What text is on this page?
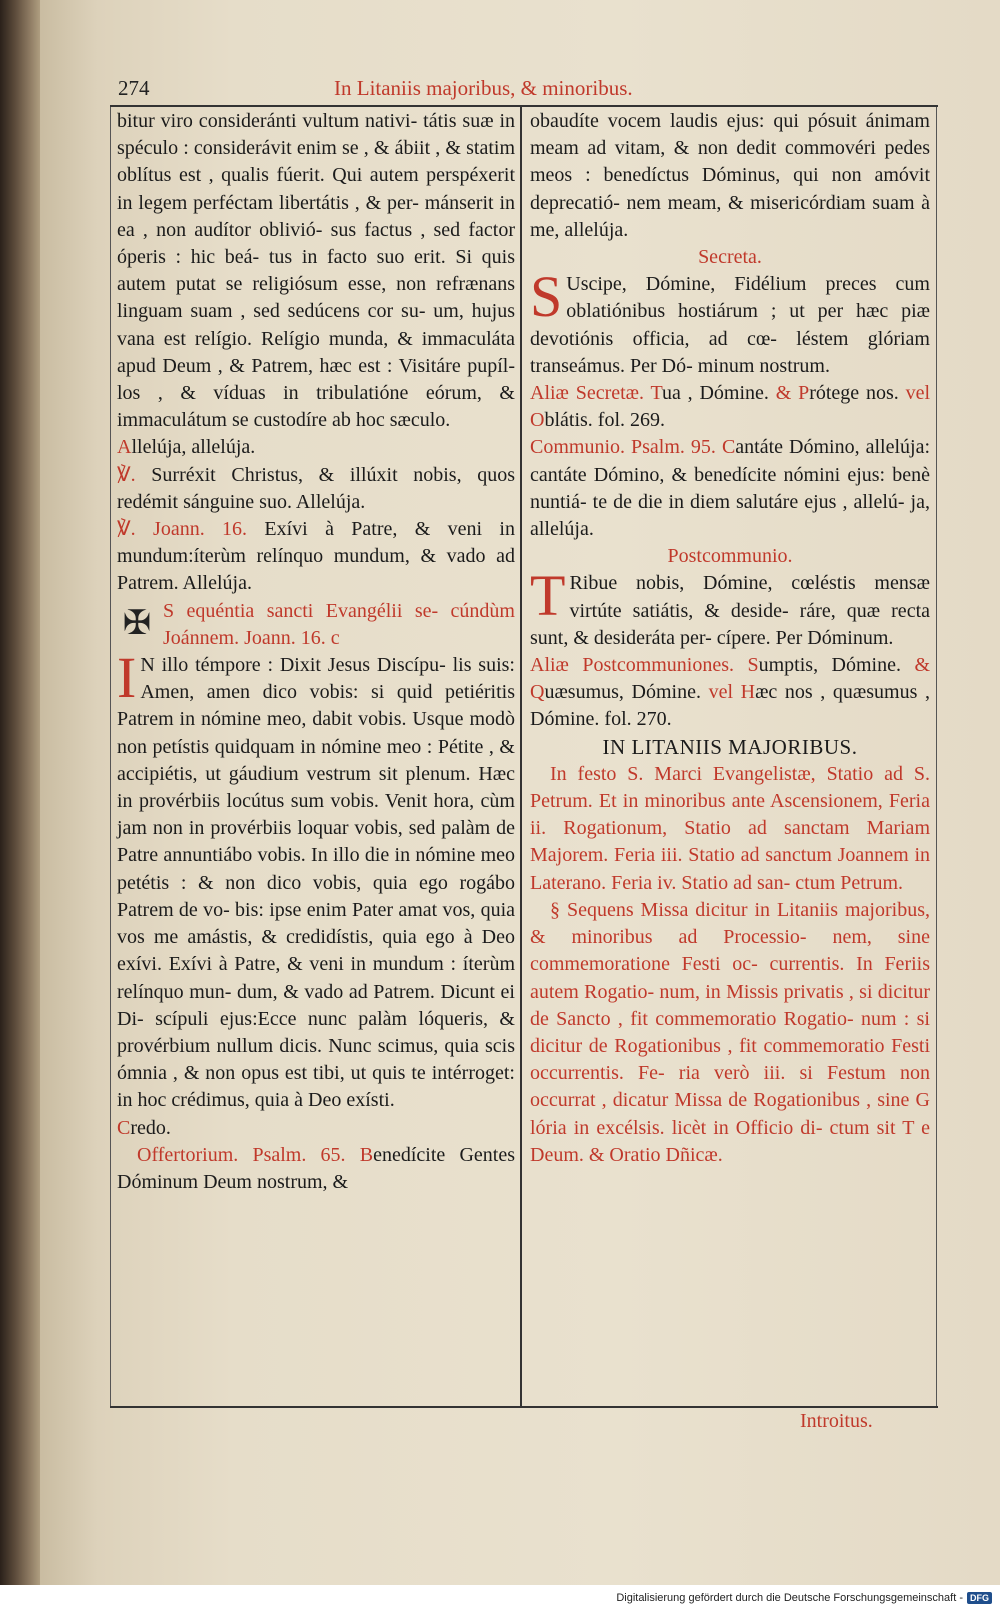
274	In Litaniis majoribus, & minoribus.

bitur viro consideránti vultum nativi- tátis suæ in spéculo : considerávit enim se , & ábiit , & statim oblítus est , qualis fúerit. Qui autem perspéxerit in legem perféctam libertátis , & per- mánserit in ea , non audítor oblivió- sus factus , sed factor óperis : hic beá- tus in facto suo erit. Si quis autem putat se religiósum esse, non refrænans linguam suam , sed sedúcens cor su- um, hujus vana est relígio. Relígio munda, & immaculáta apud Deum , & Patrem, hæc est : Visitáre pupíl- los , & víduas in tribulatióne eórum, & immaculátum se custodíre ab hoc sæculo.

Allelúja, allelúja.

℣. Surréxit Christus, & illúxit nobis, quos redémit sánguine suo. Allelúja.

℣. Joann. 16. Exívi à Patre, & veni in mundum:íterùm relínquo mundum, & vado ad Patrem. Allelúja.

✠ S equéntia sancti Evangélii se- cúndùm Joánnem. Joann. 16. c

I N illo témpore : Dixit Jesus Discípu- lis suis: Amen, amen dico vobis: si quid petiéritis Patrem in nómine meo, dabit vobis. Usque modò non petístis quidquam in nómine meo : Pétite , & accipiétis, ut gáudium vestrum sit plenum. Hæc in provérbiis locútus sum vobis. Venit hora, cùm jam non in provérbiis loquar vobis, sed palàm de Patre annuntiábo vobis. In illo die in nómine meo petétis : & non dico vobis, quia ego rogábo Patrem de vo- bis: ipse enim Pater amat vos, quia vos me amástis, & credidístis, quia ego à Deo exívi. Exívi à Patre, & veni in mundum : íterùm relínquo mun- dum, & vado ad Patrem. Dicunt ei Di- scípuli ejus:Ecce nunc palàm lóqueris, & provérbium nullum dicis. Nunc scimus, quia scis ómnia , & non opus est tibi, ut quis te intérroget: in hoc crédimus, quia à Deo exísti.

Credo.

Offertorium. Psalm. 65. Benedícite Gentes Dóminum Deum nostrum, &

obaudíte vocem laudis ejus: qui pósuit ánimam meam ad vitam, & non dedit commovéri pedes meos : benedíctus Dóminus, qui non amóvit deprecatió- nem meam, & misericórdiam suam à me, allelúja.

Secreta.

S Uscipe, Dómine, Fidélium preces cum oblatiónibus hostiárum ; ut per hæc piæ devotiónis officia, ad cœ- léstem glóriam transeámus. Per Dó- minum nostrum.

Aliæ Secretæ. Tua , Dómine. & Prótege nos. vel Oblátis. fol. 269.

Communio. Psalm. 95. Cantáte Dómino, allelúja: cantáte Dómino, & benedícite nómini ejus: benè nuntiá- te de die in diem salutáre ejus , allelú- ja, allelúja.

Postcommunio.

T Ribue nobis, Dómine, cœléstis mensæ virtúte satiátis, & deside- ráre, quæ recta sunt, & desideráta per- cípere. Per Dóminum.

Aliæ Postcommuniones. Sumptis, Dómine. & Quæsumus, Dómine. vel Hæc nos , quæsumus , Dómine. fol. 270.

IN LITANIIS MAJORIBUS.

In festo S. Marci Evangelistæ, Statio ad S. Petrum. Et in minoribus ante Ascensionem, Feria ii. Rogationum, Statio ad sanctam Mariam Majorem. Feria iii. Statio ad sanctum Joannem in Laterano. Feria iv. Statio ad san- ctum Petrum.

§ Sequens Missa dicitur in Litaniis majoribus, & minoribus ad Processio- nem, sine commemoratione Festi oc- currentis. In Feriis autem Rogatio- num, in Missis privatis , si dicitur de Sancto , fit commemoratio Rogatio- num : si dicitur de Rogationibus , fit commemoratio Festi occurrentis. Fe- ria verò iii. si Festum non occurrat , dicatur Missa de Rogationibus , sine G lória in excélsis. licèt in Officio di- ctum sit T e Deum. & Oratio Dñicæ.

Introitus.
Digitalisierung gefördert durch die Deutsche Forschungsgemeinschaft - DFG
